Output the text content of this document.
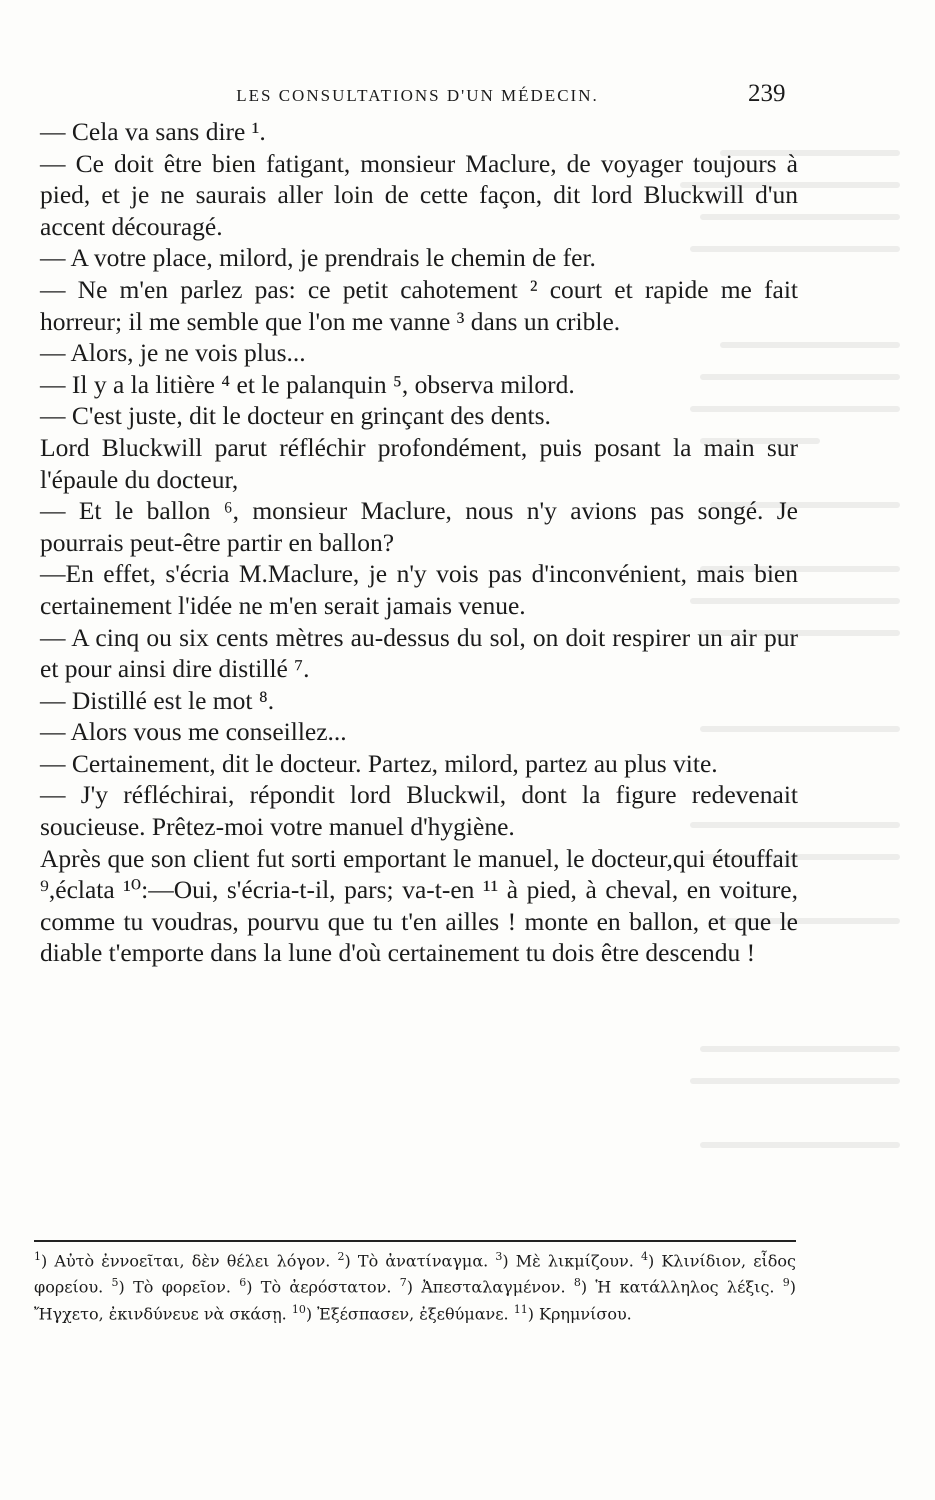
LES CONSULTATIONS D'UN MÉDECIN.	239

— Cela va sans dire ¹.

— Ce doit être bien fatigant, monsieur Maclure, de voyager toujours à pied, et je ne saurais aller loin de cette façon, dit lord Bluckwill d'un accent découragé.

— A votre place, milord, je prendrais le chemin de fer.

— Ne m'en parlez pas: ce petit cahotement ² court et rapide me fait horreur; il me semble que l'on me vanne ³ dans un crible.

— Alors, je ne vois plus...

— Il y a la litière ⁴ et le palanquin ⁵, observa milord.

— C'est juste, dit le docteur en grinçant des dents.

Lord Bluckwill parut réfléchir profondément, puis posant la main sur l'épaule du docteur,

— Et le ballon ⁶, monsieur Maclure, nous n'y avions pas songé. Je pourrais peut-être partir en ballon?

—En effet, s'écria M.Maclure, je n'y vois pas d'inconvénient, mais bien certainement l'idée ne m'en serait jamais venue.

— A cinq ou six cents mètres au-dessus du sol, on doit respirer un air pur et pour ainsi dire distillé ⁷.

— Distillé est le mot ⁸.

— Alors vous me conseillez...

— Certainement, dit le docteur. Partez, milord, partez au plus vite.

— J'y réfléchirai, répondit lord Bluckwil, dont la figure redevenait soucieuse. Prêtez-moi votre manuel d'hygiène.

Après que son client fut sorti emportant le manuel, le docteur,qui étouffait ⁹,éclata ¹⁰:—Oui, s'écria-t-il, pars; va-t-en ¹¹ à pied, à cheval, en voiture, comme tu voudras, pourvu que tu t'en ailles ! monte en ballon, et que le diable t'emporte dans la lune d'où certainement tu dois être descendu !

$^1$) Αὐτὸ ἐννοεῖται, δὲν θέλει λόγον. $^2$) Τὸ ἀνατίναγμα. $^3$) Μὲ λικμίζουν. $^4$) Κλινίδιον, εἶδος φορείου. $^5$) Τὸ φορεῖον. $^6$) Τὸ ἀερόστατον. $^7$) Ἀπεσταλαγμένον. $^8$) Ἡ κατάλληλος λέξις. $^9$) Ἤγχετο, ἐκινδύνευε νὰ σκάσῃ. $^{10}$) Ἐξέσπασεν, ἐξεθύμανε. $^{11}$) Κρημνίσου.
